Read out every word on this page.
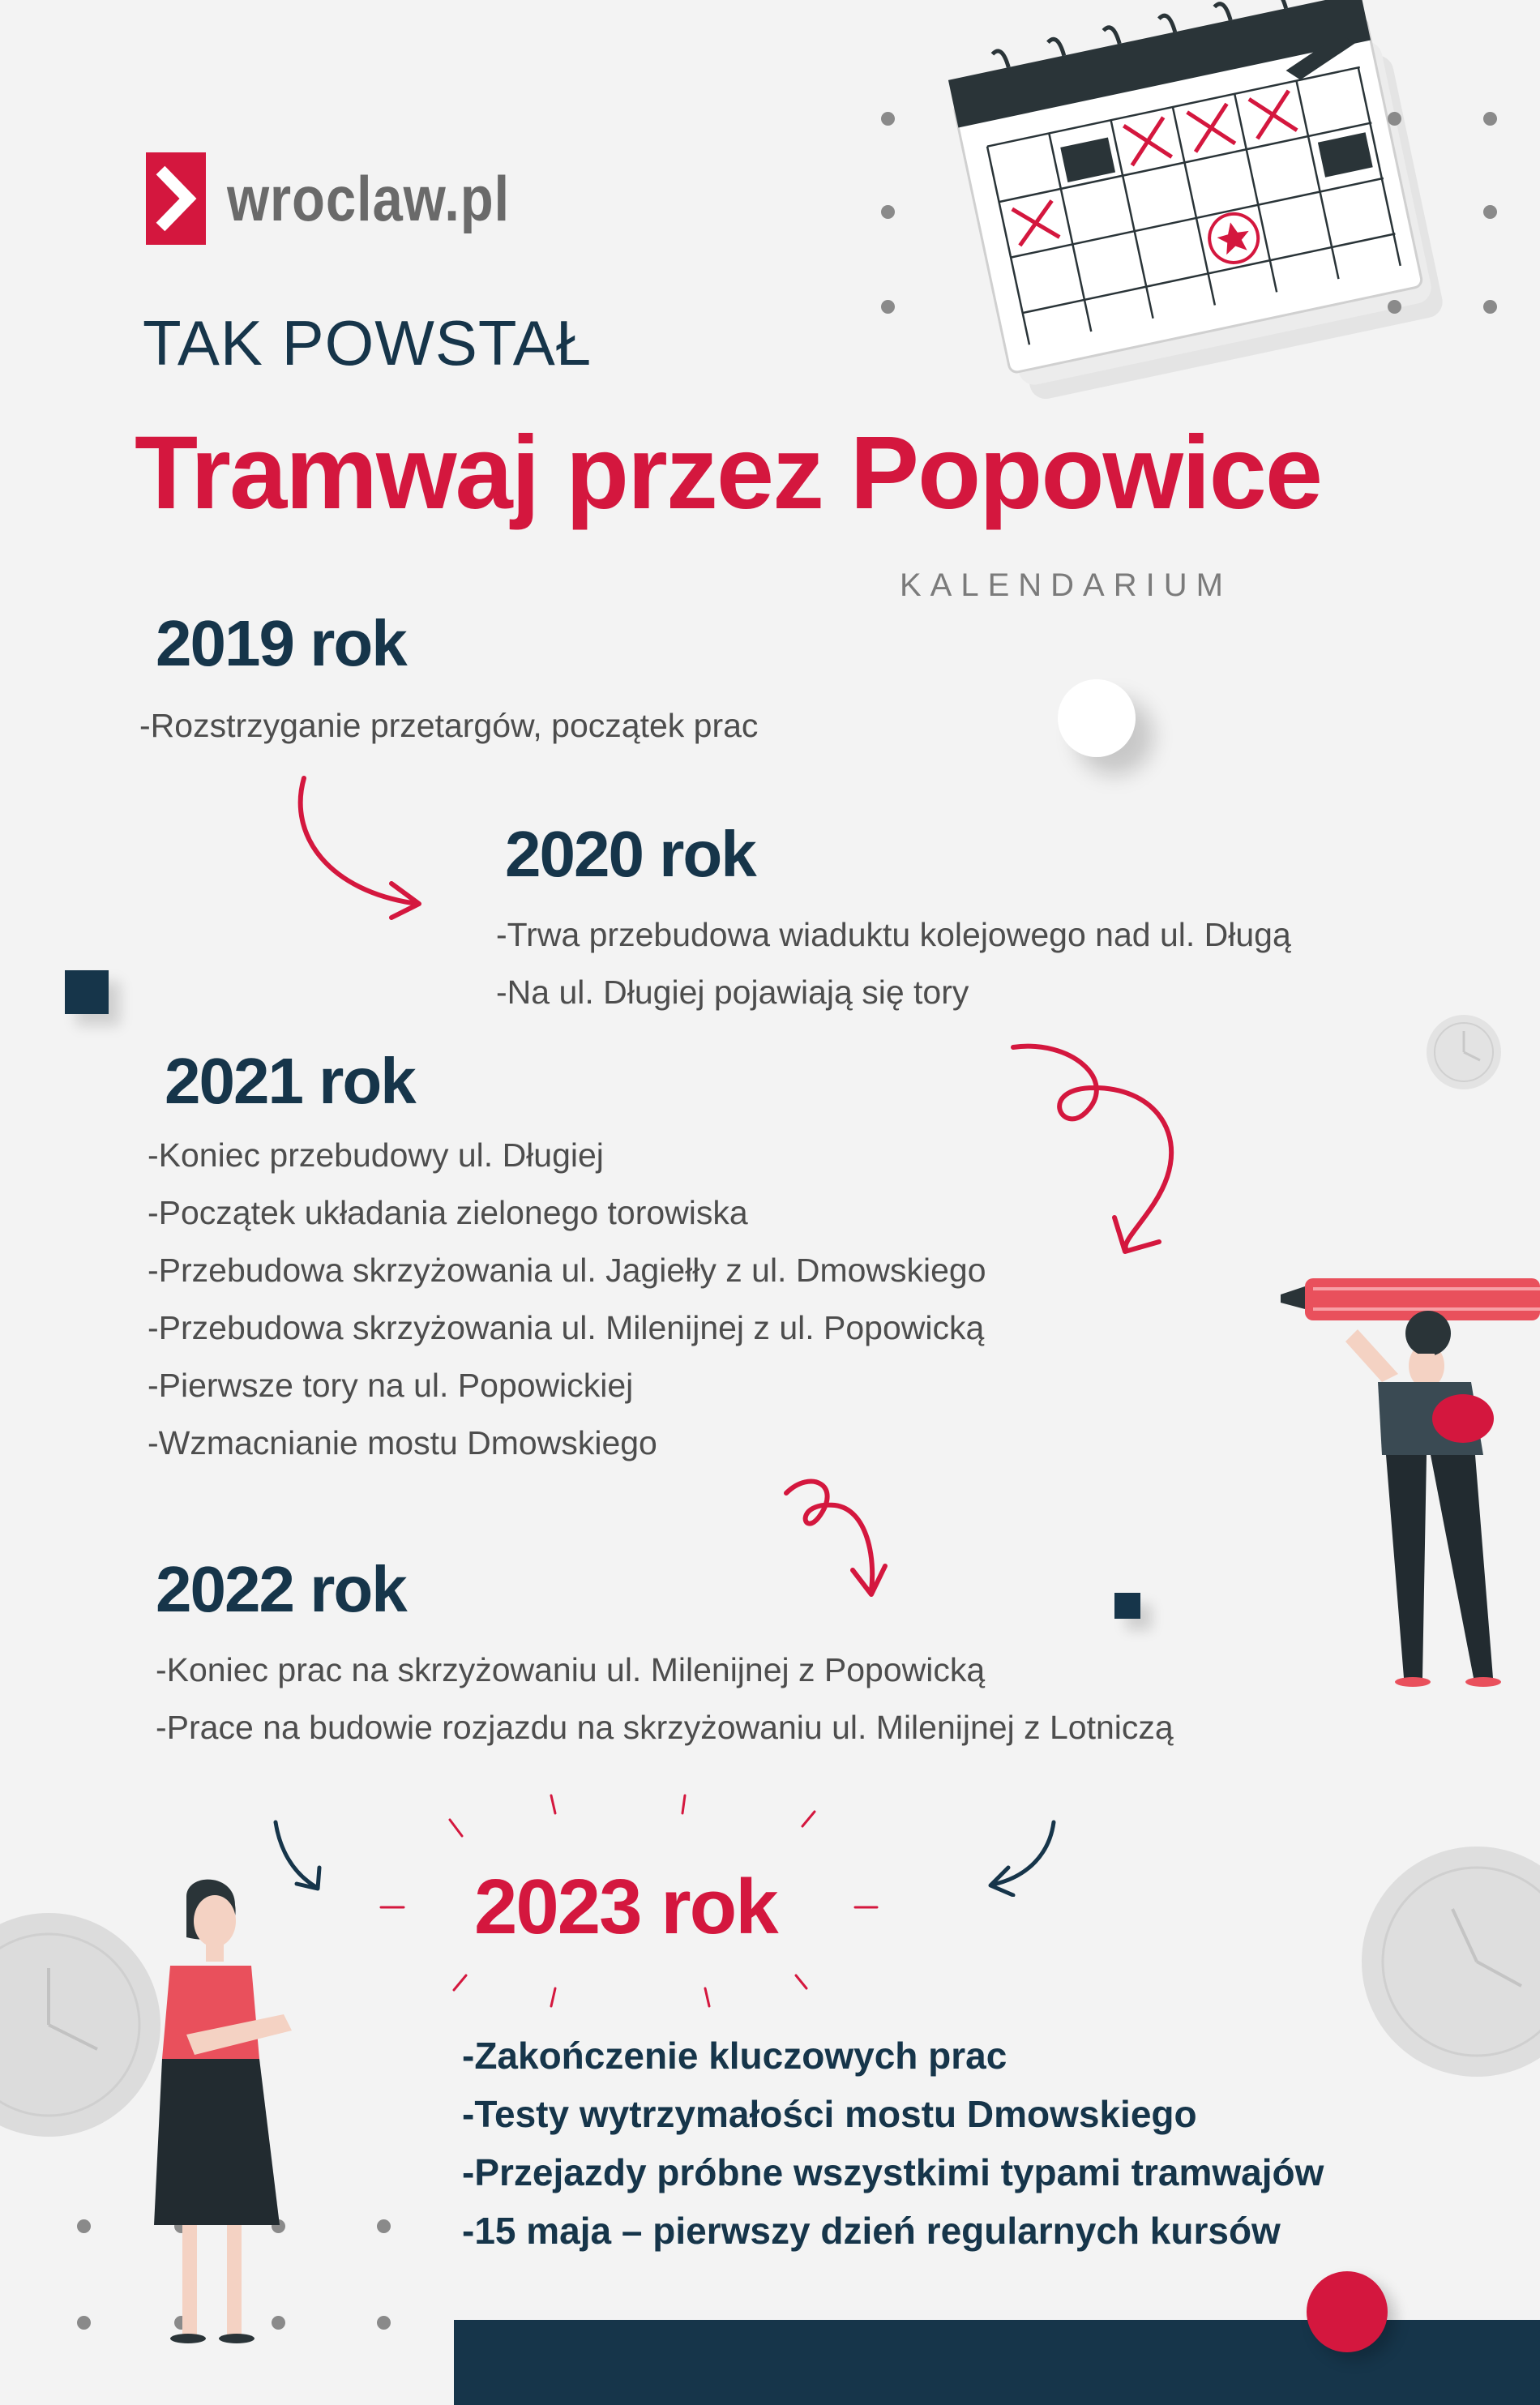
wroclaw.pl
TAK POWSTAŁ
Tramwaj przez Popowice
KALENDARIUM
2019 rok
-Rozstrzyganie przetargów, początek prac
2020 rok
-Trwa przebudowa wiaduktu kolejowego nad ul. Długą
-Na ul. Długiej pojawiają się tory
2021 rok
-Koniec przebudowy ul. Długiej
-Początek układania zielonego torowiska
-Przebudowa skrzyżowania ul. Jagiełły z ul. Dmowskiego
-Przebudowa skrzyżowania ul. Milenijnej z ul. Popowicką
-Pierwsze tory na ul. Popowickiej
-Wzmacnianie mostu Dmowskiego
2022 rok
-Koniec prac na skrzyżowaniu ul. Milenijnej z Popowicką
-Prace na budowie rozjazdu na skrzyżowaniu ul. Milenijnej z Lotniczą
2023 rok
-Zakończenie kluczowych prac
-Testy wytrzymałości mostu Dmowskiego
-Przejazdy próbne wszystkimi typami tramwajów
-15 maja – pierwszy dzień regularnych kursów
